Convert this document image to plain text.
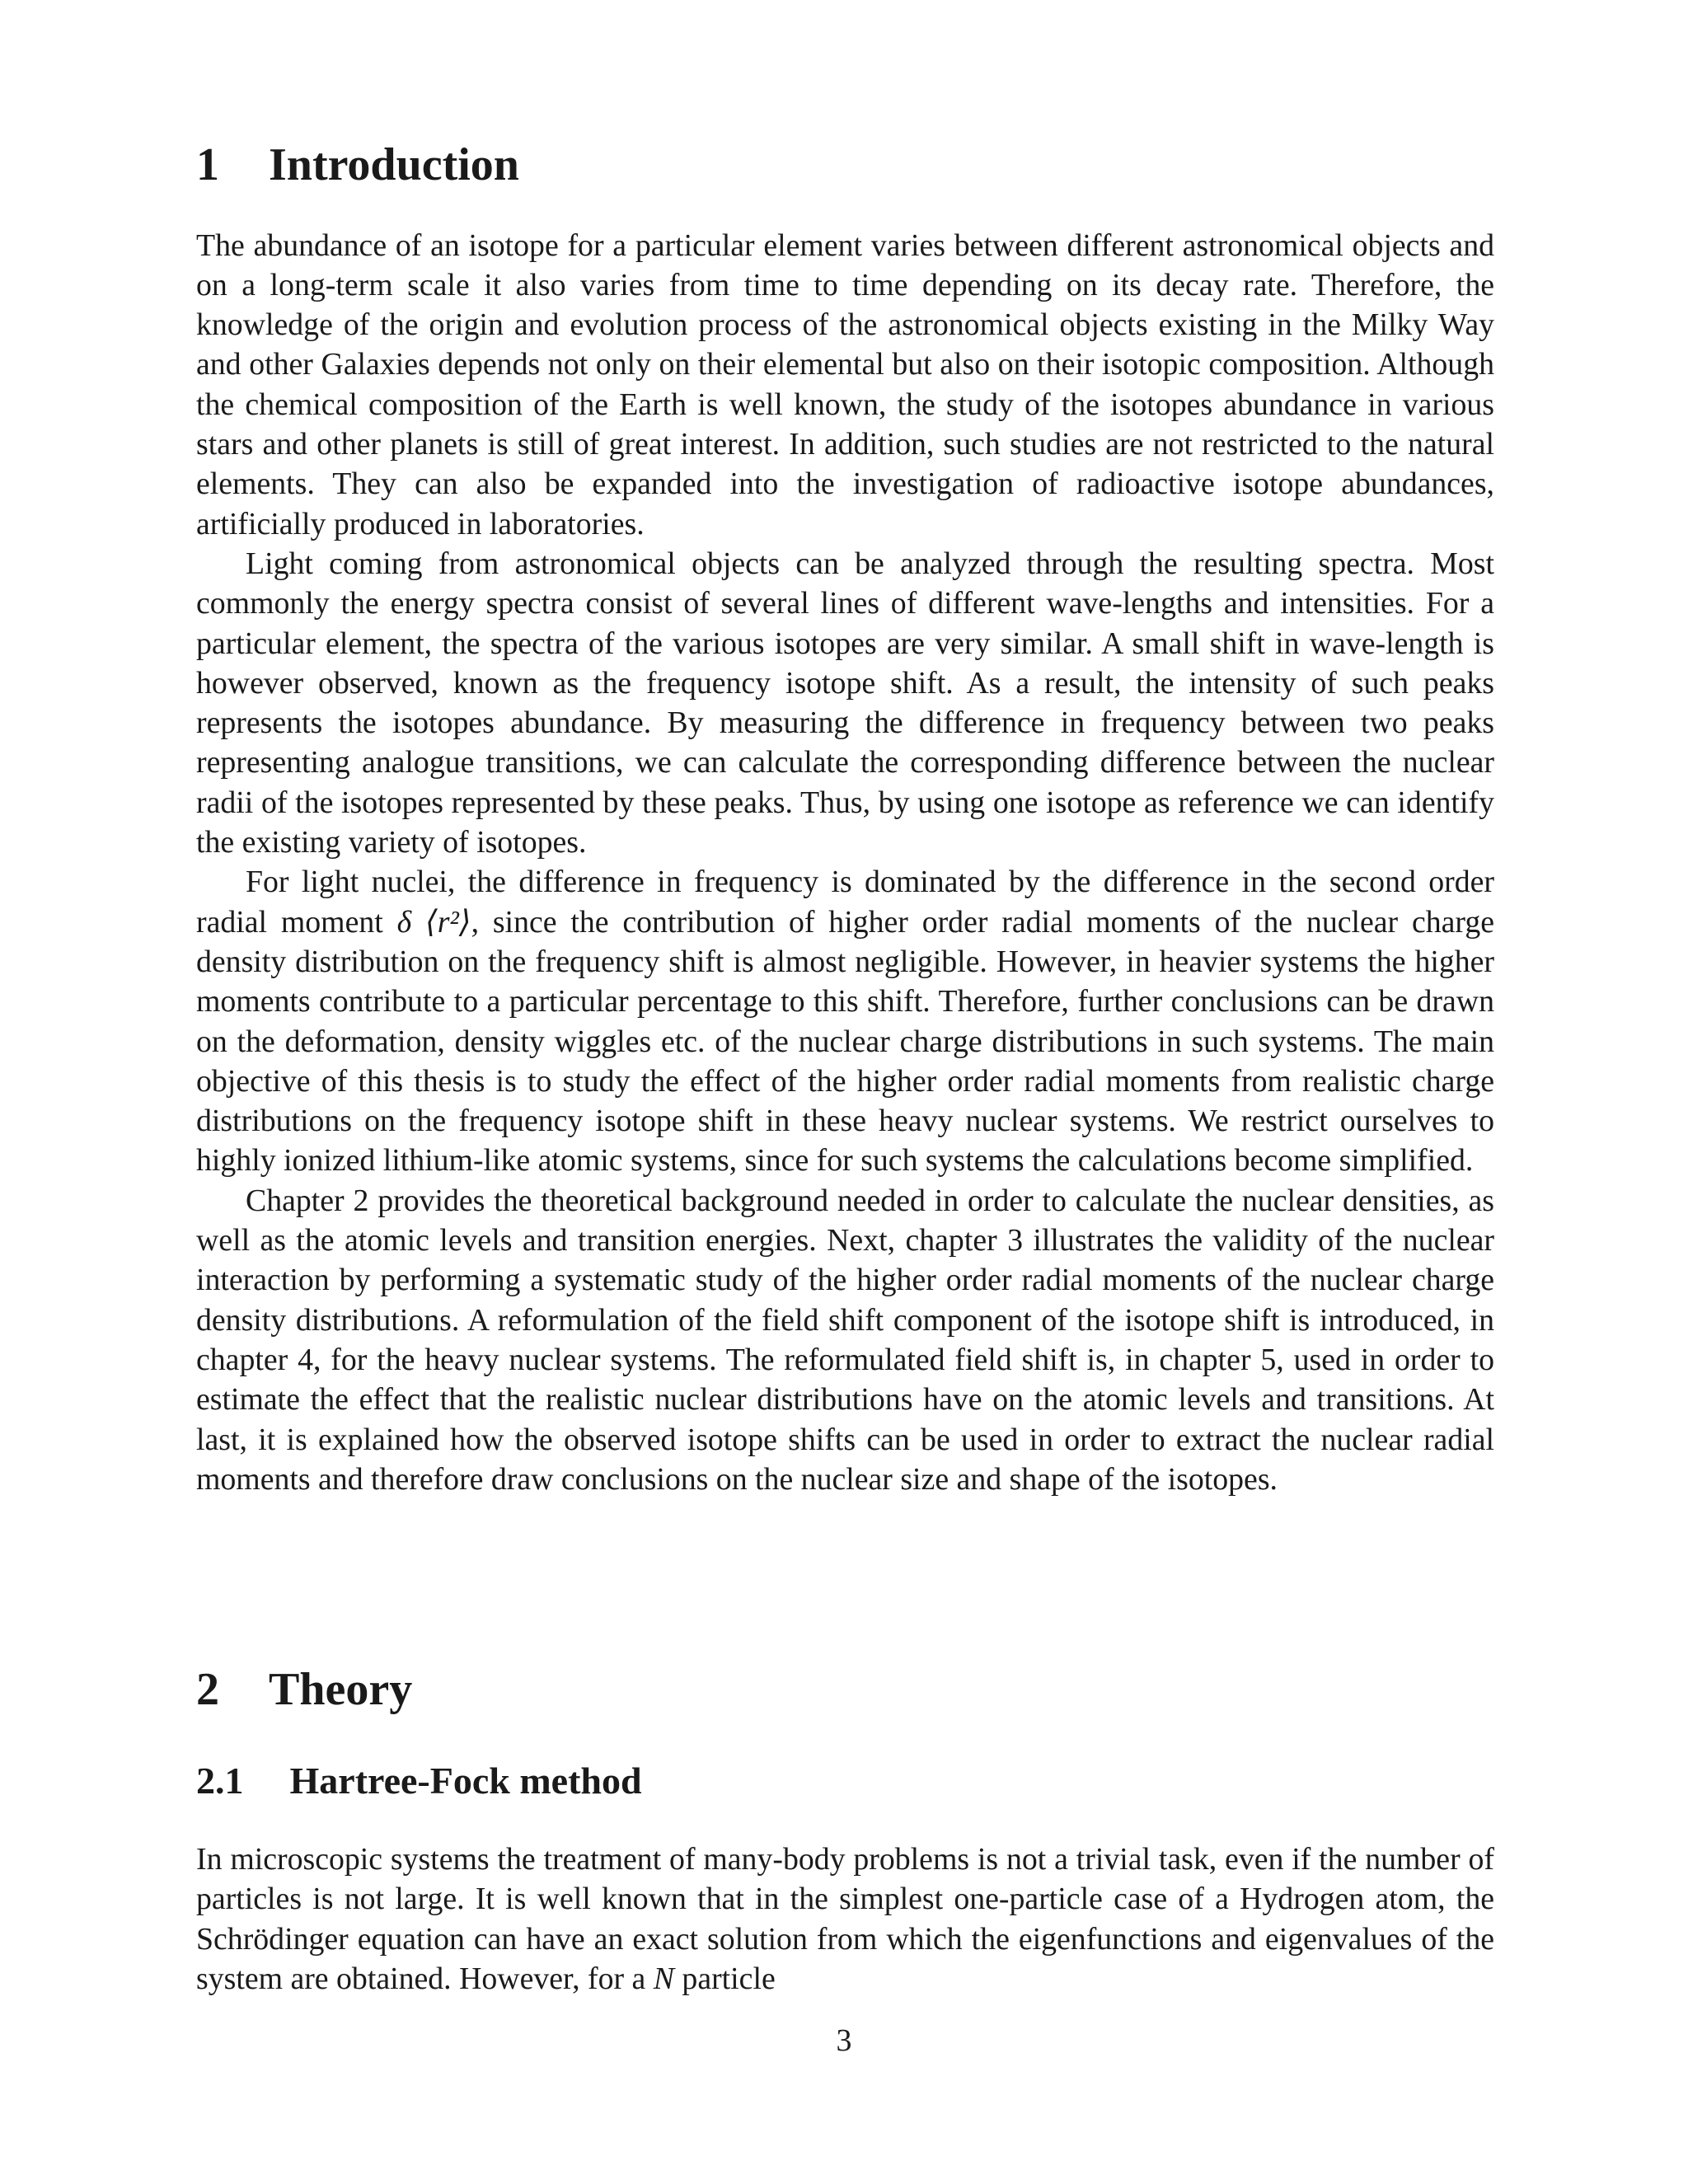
1 Introduction

The abundance of an isotope for a particular element varies between different astronomical objects and on a long-term scale it also varies from time to time depending on its decay rate. Therefore, the knowledge of the origin and evolution process of the astronomical objects existing in the Milky Way and other Galaxies depends not only on their elemental but also on their isotopic composition. Although the chemical composition of the Earth is well known, the study of the isotopes abundance in various stars and other planets is still of great interest. In addition, such studies are not restricted to the natural elements. They can also be expanded into the investigation of radioactive isotope abundances, artificially produced in laboratories.

Light coming from astronomical objects can be analyzed through the resulting spectra. Most commonly the energy spectra consist of several lines of different wave-lengths and intensities. For a particular element, the spectra of the various isotopes are very similar. A small shift in wave-length is however observed, known as the frequency isotope shift. As a result, the intensity of such peaks represents the isotopes abundance. By measuring the difference in frequency between two peaks representing analogue transitions, we can calculate the corresponding difference between the nuclear radii of the isotopes represented by these peaks. Thus, by using one isotope as reference we can identify the existing variety of isotopes.

For light nuclei, the difference in frequency is dominated by the difference in the second order radial moment δ ⟨r²⟩, since the contribution of higher order radial moments of the nuclear charge density distribution on the frequency shift is almost negligible. However, in heavier systems the higher moments contribute to a particular percentage to this shift. Therefore, further conclusions can be drawn on the deformation, density wiggles etc. of the nuclear charge distributions in such systems. The main objective of this thesis is to study the effect of the higher order radial moments from realistic charge distributions on the frequency isotope shift in these heavy nuclear systems. We restrict ourselves to highly ionized lithium-like atomic systems, since for such systems the calculations become simplified.

Chapter 2 provides the theoretical background needed in order to calculate the nuclear densities, as well as the atomic levels and transition energies. Next, chapter 3 illustrates the validity of the nuclear interaction by performing a systematic study of the higher order radial moments of the nuclear charge density distributions. A reformulation of the field shift component of the isotope shift is introduced, in chapter 4, for the heavy nuclear systems. The reformulated field shift is, in chapter 5, used in order to estimate the effect that the realistic nuclear distributions have on the atomic levels and transitions. At last, it is explained how the observed isotope shifts can be used in order to extract the nuclear radial moments and therefore draw conclusions on the nuclear size and shape of the isotopes.

2 Theory
2.1 Hartree-Fock method

In microscopic systems the treatment of many-body problems is not a trivial task, even if the number of particles is not large. It is well known that in the simplest one-particle case of a Hydrogen atom, the Schrödinger equation can have an exact solution from which the eigenfunctions and eigenvalues of the system are obtained. However, for a N particle

3
